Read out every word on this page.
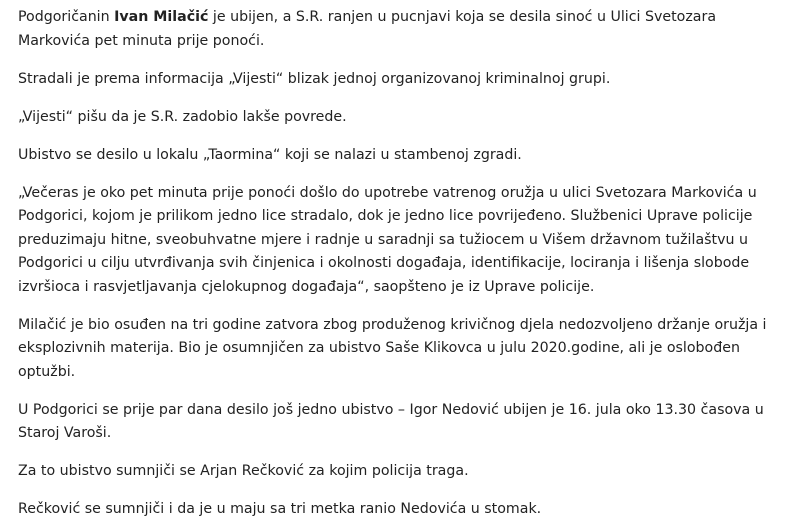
Podgoričanin Ivan Milačić je ubijen, a S.R. ranjen u pucnjavi koja se desila sinoć u Ulici Svetozara Markovića pet minuta prije ponoći.

Stradali je prema informacija „Vijesti“ blizak jednoj organizovanoj kriminalnoj grupi.

„Vijesti“ pišu da je S.R. zadobio lakše povrede.

Ubistvo se desilo u lokalu „Taormina“ koji se nalazi u stambenoj zgradi.

„Večeras je oko pet minuta prije ponoći došlo do upotrebe vatrenog oružja u ulici Svetozara Markovića u Podgorici, kojom je prilikom jedno lice stradalo, dok je jedno lice povrijeđeno. Službenici Uprave policije preduzimaju hitne, sveobuhvatne mjere i radnje u saradnji sa tužiocem u Višem državnom tužilaštvu u Podgorici u cilju utvrđivanja svih činjenica i okolnosti događaja, identifikacije, lociranja i lišenja slobode izvršioca i rasvjetljavanja cjelokupnog događaja“, saopšteno je iz Uprave policije.

Milačić je bio osuđen na tri godine zatvora zbog produženog krivičnog djela nedozvoljeno držanje oružja i eksplozivnih materija. Bio je osumnjičen za ubistvo Saše Klikovca u julu 2020.godine, ali je oslobođen optužbi.

U Podgorici se prije par dana desilo još jedno ubistvo – Igor Nedović ubijen je 16. jula oko 13.30 časova u Staroj Varoši.

Za to ubistvo sumnjiči se Arjan Rečković za kojim policija traga.

Rečković se sumnjiči i da je u maju sa tri metka ranio Nedovića u stomak.
